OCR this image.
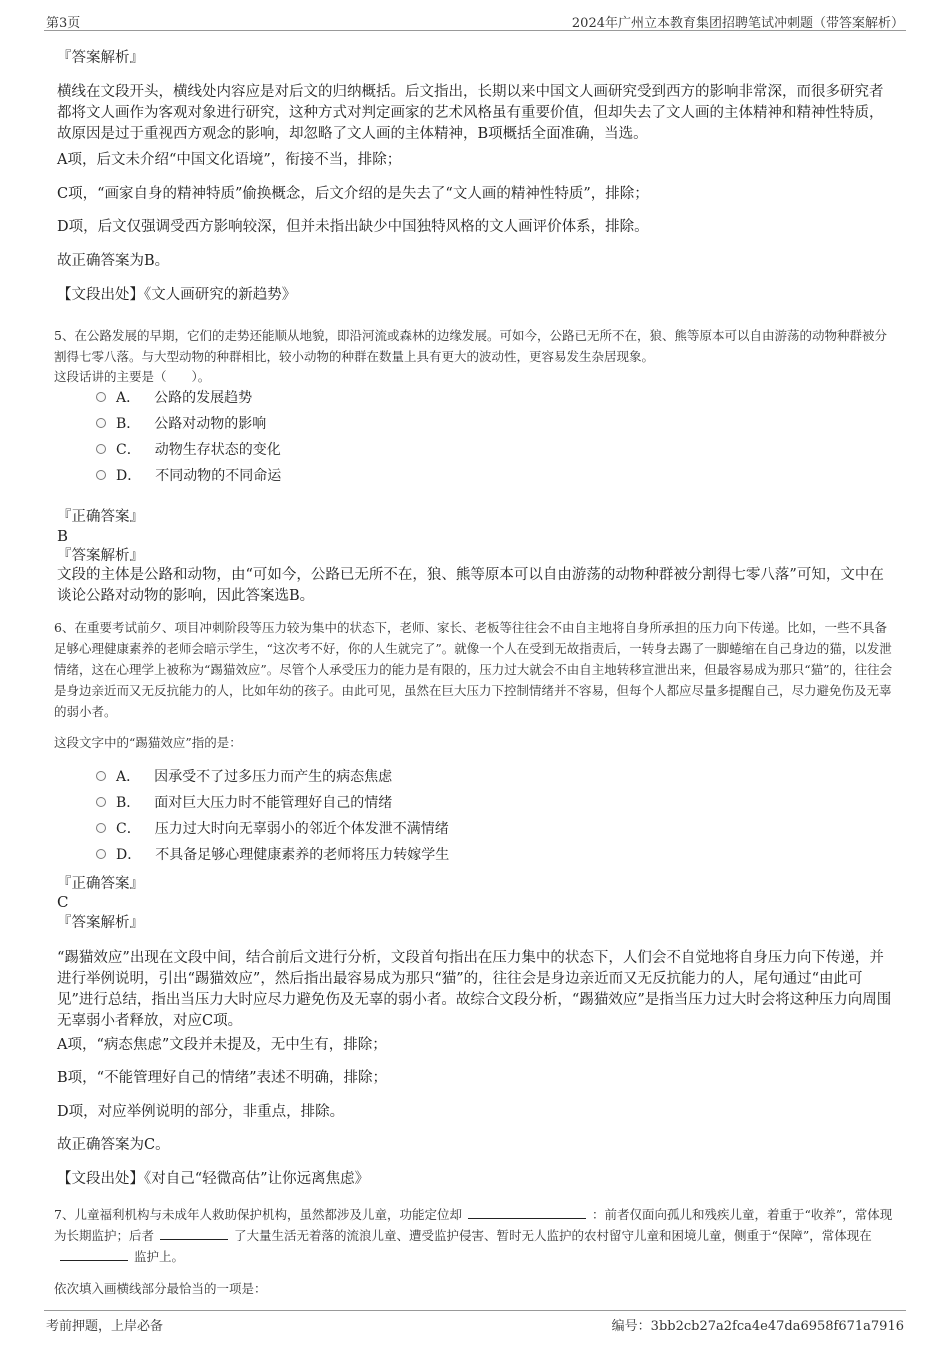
第3页	2024年广州立本教育集团招聘笔试冲刺题（带答案解析）

『答案解析』

横线在文段开头，横线处内容应是对后文的归纳概括。后文指出，长期以来中国文人画研究受到西方的影响非常深，而很多研究者都将文人画作为客观对象进行研究，这种方式对判定画家的艺术风格虽有重要价值，但却失去了文人画的主体精神和精神性特质，故原因是过于重视西方观念的影响，却忽略了文人画的主体精神，B项概括全面准确，当选。

A项，后文未介绍“中国文化语境”，衔接不当，排除；

C项，“画家自身的精神特质”偷换概念，后文介绍的是失去了“文人画的精神性特质”，排除；

D项，后文仅强调受西方影响较深，但并未指出缺少中国独特风格的文人画评价体系，排除。

故正确答案为B。

【文段出处】《文人画研究的新趋势》

5、在公路发展的早期，它们的走势还能顺从地貌，即沿河流或森林的边缘发展。可如今，公路已无所不在，狼、熊等原本可以自由游荡的动物种群被分割得七零八落。与大型动物的种群相比，较小动物的种群在数量上具有更大的波动性，更容易发生杂居现象。

这段话讲的主要是（　　）。

A． 公路的发展趋势
B． 公路对动物的影响
C． 动物生存状态的变化
D． 不同动物的不同命运

『正确答案』

B

『答案解析』

文段的主体是公路和动物，由“可如今，公路已无所不在，狼、熊等原本可以自由游荡的动物种群被分割得七零八落”可知，文中在谈论公路对动物的影响，因此答案选B。

6、在重要考试前夕、项目冲刺阶段等压力较为集中的状态下，老师、家长、老板等往往会不由自主地将自身所承担的压力向下传递。比如，一些不具备足够心理健康素养的老师会暗示学生，“这次考不好，你的人生就完了”。就像一个人在受到无故指责后，一转身去踢了一脚蜷缩在自己身边的猫，以发泄情绪，这在心理学上被称为“踢猫效应”。尽管个人承受压力的能力是有限的，压力过大就会不由自主地转移宣泄出来，但最容易成为那只“猫”的，往往会是身边亲近而又无反抗能力的人，比如年幼的孩子。由此可见，虽然在巨大压力下控制情绪并不容易，但每个人都应尽量多提醒自己，尽力避免伤及无辜的弱小者。

这段文字中的“踢猫效应”指的是：

A． 因承受不了过多压力而产生的病态焦虑
B． 面对巨大压力时不能管理好自己的情绪
C． 压力过大时向无辜弱小的邻近个体发泄不满情绪
D． 不具备足够心理健康素养的老师将压力转嫁学生

『正确答案』

C

『答案解析』

“踢猫效应”出现在文段中间，结合前后文进行分析，文段首句指出在压力集中的状态下，人们会不自觉地将自身压力向下传递，并进行举例说明，引出“踢猫效应”，然后指出最容易成为那只“猫”的，往往会是身边亲近而又无反抗能力的人，尾句通过“由此可见”进行总结，指出当压力大时应尽力避免伤及无辜的弱小者。故综合文段分析，“踢猫效应”是指当压力过大时会将这种压力向周围无辜弱小者释放，对应C项。

A项，“病态焦虑”文段并未提及，无中生有，排除；

B项，“不能管理好自己的情绪”表述不明确，排除；

D项，对应举例说明的部分，非重点，排除。

故正确答案为C。

【文段出处】《对自己“轻微高估”让你远离焦虑》

7、儿童福利机构与未成年人救助保护机构，虽然都涉及儿童，功能定位却	：前者仅面向孤儿和残疾儿童，着重于“收养”，常体现为长期监护；后者	了大量生活无着落的流浪儿童、遭受监护侵害、暂时无人监护的农村留守儿童和困境儿童，侧重于“保障”，常体现在监护上。

依次填入画横线部分最恰当的一项是：

考前押题，上岸必备	编号：3bb2cb27a2fca4e47da6958f671a7916
